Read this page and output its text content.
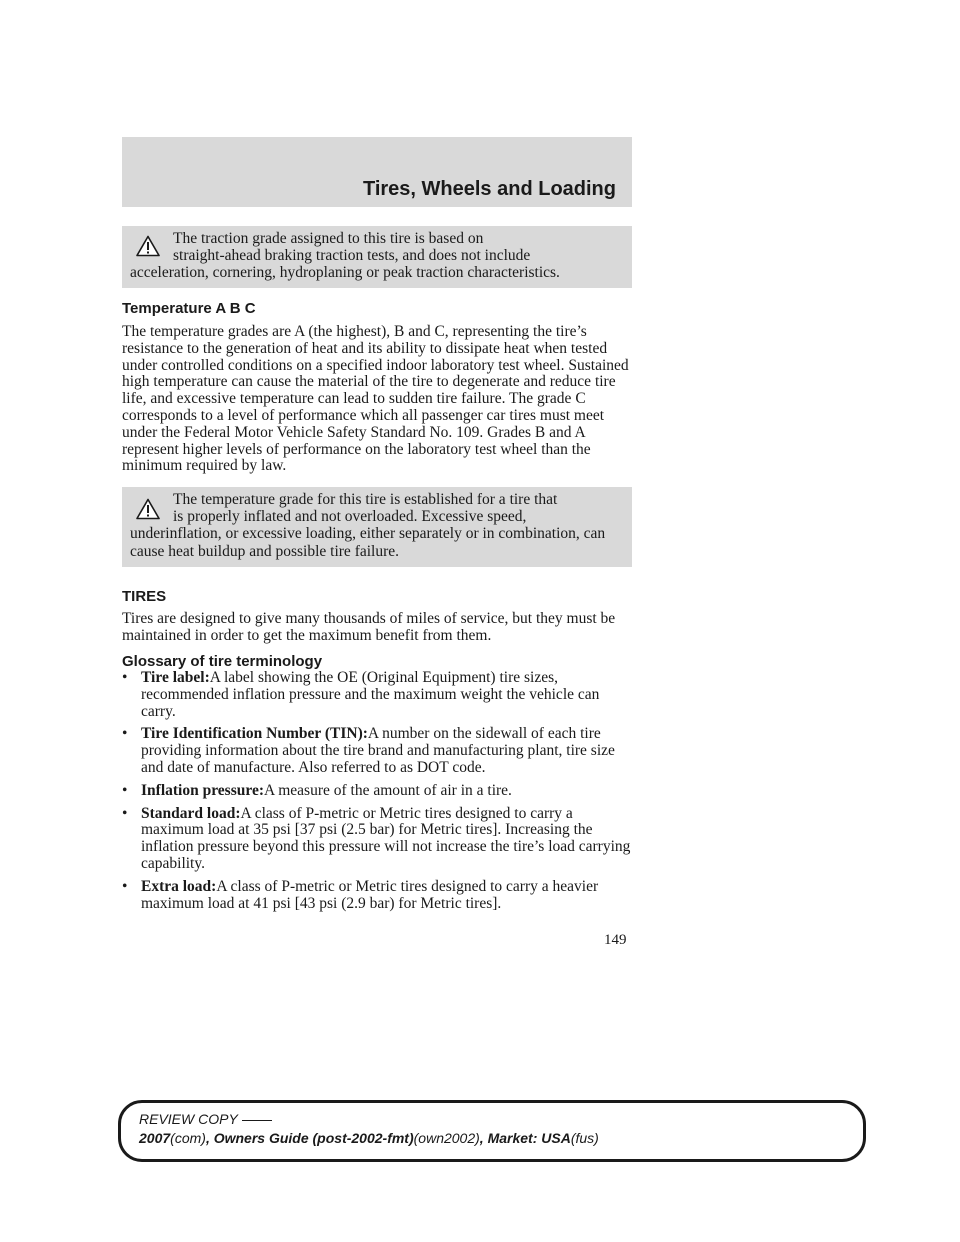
Tires, Wheels and Loading
The traction grade assigned to this tire is based on
straight-ahead braking traction tests, and does not include
acceleration, cornering, hydroplaning or peak traction characteristics.
Temperature A B C

The temperature grades are A (the highest), B and C, representing the tire’s resistance to the generation of heat and its ability to dissipate heat when tested under controlled conditions on a specified indoor laboratory test wheel. Sustained high temperature can cause the material of the tire to degenerate and reduce tire life, and excessive temperature can lead to sudden tire failure. The grade C corresponds to a level of performance which all passenger car tires must meet under the Federal Motor Vehicle Safety Standard No. 109. Grades B and A represent higher levels of performance on the laboratory test wheel than the minimum required by law.

The temperature grade for this tire is established for a tire that
is properly inflated and not overloaded. Excessive speed,
underinflation, or excessive loading, either separately or in combination, can cause heat buildup and possible tire failure.
TIRES

Tires are designed to give many thousands of miles of service, but they must be maintained in order to get the maximum benefit from them.

Glossary of tire terminology
• Tire label:A label showing the OE (Original Equipment) tire sizes, recommended inflation pressure and the maximum weight the vehicle can carry.
• Tire Identification Number (TIN):A number on the sidewall of each tire providing information about the tire brand and manufacturing plant, tire size and date of manufacture. Also referred to as DOT code.
• Inflation pressure:A measure of the amount of air in a tire.
• Standard load:A class of P-metric or Metric tires designed to carry a maximum load at 35 psi [37 psi (2.5 bar) for Metric tires]. Increasing the inflation pressure beyond this pressure will not increase the tire’s load carrying capability.
• Extra load:A class of P-metric or Metric tires designed to carry a heavier maximum load at 41 psi [43 psi (2.9 bar) for Metric tires].
149
REVIEW COPY
2007(com), Owners Guide (post-2002-fmt)(own2002), Market: USA(fus)
